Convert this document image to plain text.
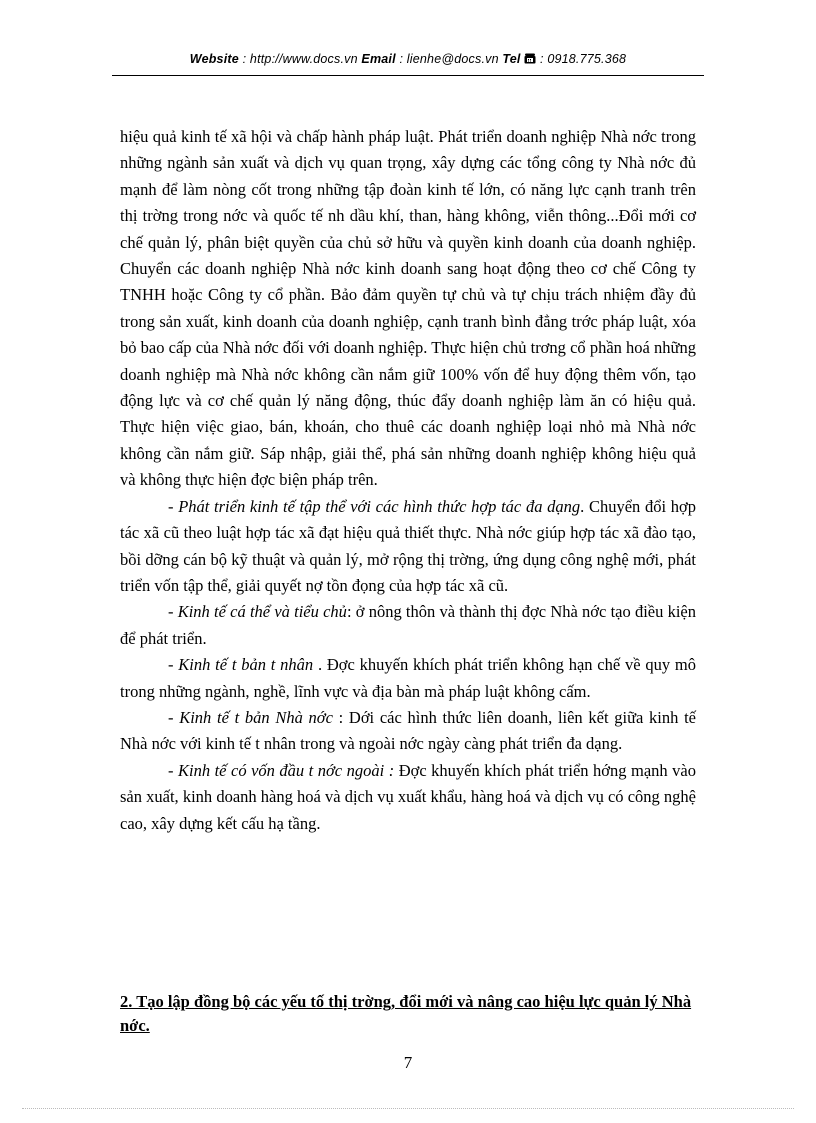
Website : http://www.docs.vn Email : lienhe@docs.vn Tel  : 0918.775.368

hiệu quả kinh tế xã hội và chấp hành pháp luật. Phát triển doanh nghiệp Nhà nớc trong những ngành sản xuất và dịch vụ quan trọng, xây dựng các tổng công ty Nhà nớc đủ mạnh để làm nòng cốt trong những tập đoàn kinh tế lớn, có năng lực cạnh tranh trên thị trờng trong nớc và quốc tế nh dầu khí, than, hàng không, viễn thông...Đổi mới cơ chế quản lý, phân biệt quyền của chủ sở hữu và quyền kinh doanh của doanh nghiệp. Chuyển các doanh nghiệp Nhà nớc kinh doanh sang hoạt động theo cơ chế Công ty TNHH hoặc Công ty cổ phần. Bảo đảm quyền tự chủ và tự chịu trách nhiệm đầy đủ trong sản xuất, kinh doanh của doanh nghiệp, cạnh tranh bình đẳng trớc pháp luật, xóa bỏ bao cấp của Nhà nớc đối với doanh nghiệp. Thực hiện chủ trơng cổ phần hoá những doanh nghiệp mà Nhà nớc không cần nắm giữ 100% vốn để huy động thêm vốn, tạo động lực và cơ chế quản lý năng động, thúc đẩy doanh nghiệp làm ăn có hiệu quả. Thực hiện việc giao, bán, khoán, cho thuê các doanh nghiệp loại nhỏ mà Nhà nớc không cần nắm giữ. Sáp nhập, giải thể, phá sản những doanh nghiệp không hiệu quả và không thực hiện đợc biện pháp trên.

- Phát triển kinh tế tập thể với các hình thức hợp tác đa dạng. Chuyển đổi hợp tác xã cũ theo luật hợp tác xã đạt hiệu quả thiết thực. Nhà nớc giúp hợp tác xã đào tạo, bồi dỡng cán bộ kỹ thuật và quản lý, mở rộng thị trờng, ứng dụng công nghệ mới, phát triển vốn tập thể, giải quyết nợ tồn đọng của hợp tác xã cũ.

- Kinh tế cá thể và tiểu chủ: ở nông thôn và thành thị đợc Nhà nớc tạo điều kiện để phát triển.

- Kinh tế t bản t nhân . Đợc khuyến khích phát triển không hạn chế về quy mô trong những ngành, nghề, lĩnh vực và địa bàn mà pháp luật không cấm.

- Kinh tế t bản Nhà nớc : Dới các hình thức liên doanh, liên kết giữa kinh tế Nhà nớc với kinh tế t nhân trong và ngoài nớc ngày càng phát triển đa dạng.

- Kinh tế có vốn đầu t nớc ngoài : Đợc khuyến khích phát triển hớng mạnh vào sản xuất, kinh doanh hàng hoá và dịch vụ xuất khẩu, hàng hoá và dịch vụ có công nghệ cao, xây dựng kết cấu hạ tầng.

2. Tạo lập đồng bộ các yếu tố thị trờng, đổi mới và nâng cao hiệu lực quản lý Nhà nớc.
7
